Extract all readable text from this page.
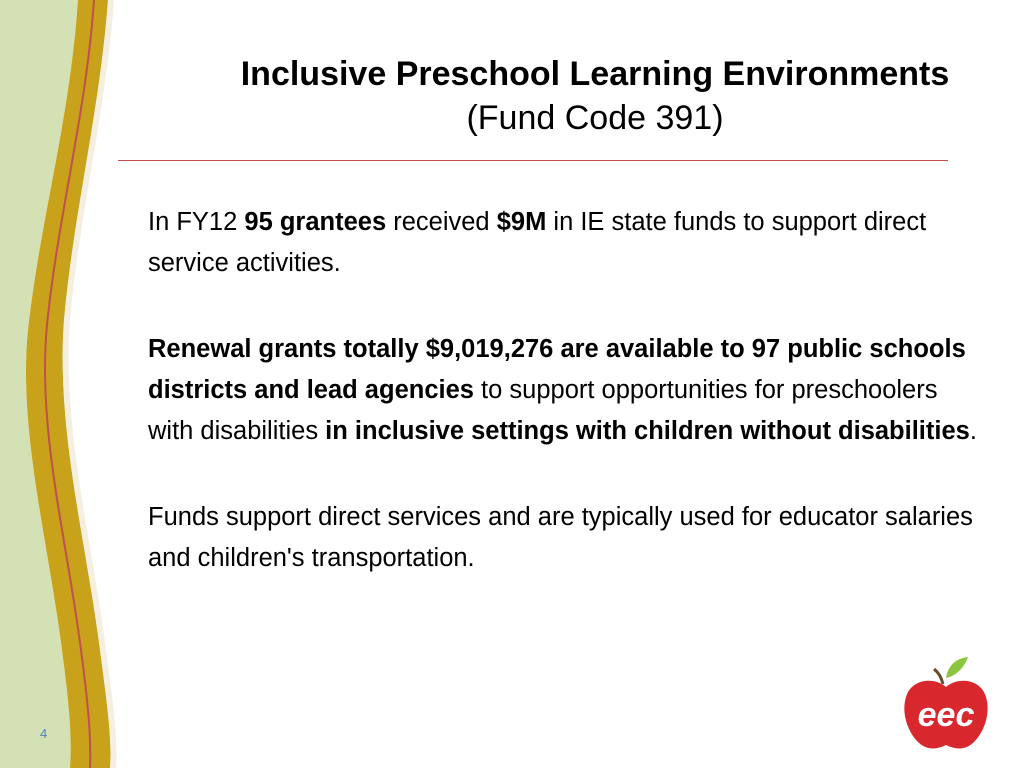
Inclusive Preschool Learning Environments
(Fund Code 391)

In FY12 95 grantees received $9M in IE state funds to support direct service activities.

Renewal grants totally $9,019,276 are available to 97 public schools districts and lead agencies to support opportunities for preschoolers with disabilities in inclusive settings with children without disabilities.

Funds support direct services and are typically used for educator salaries and children's transportation.

4	eec
